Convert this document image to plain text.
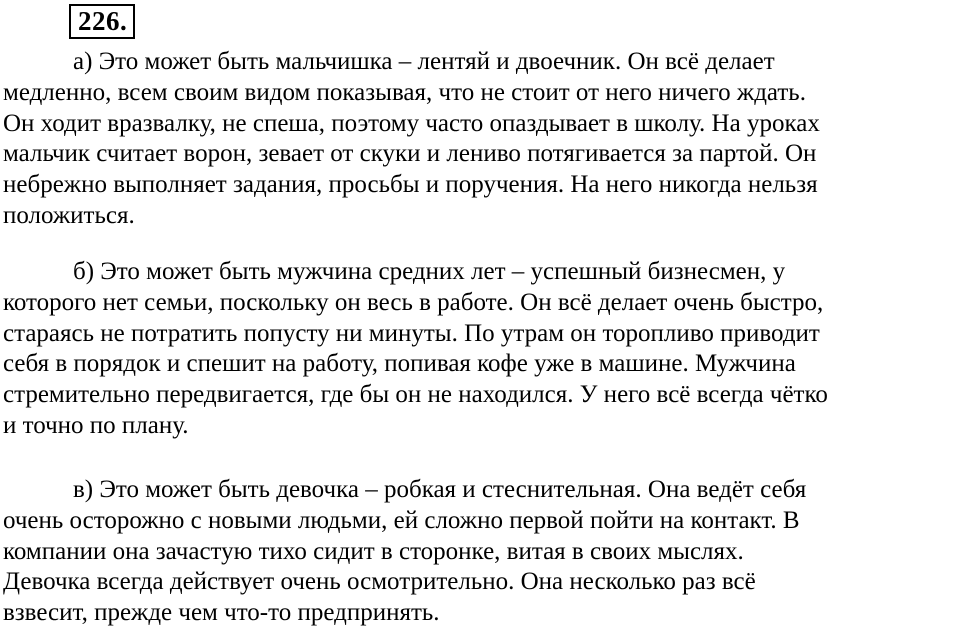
226.

а) Это может быть мальчишка – лентяй и двоечник. Он всё делает
медленно, всем своим видом показывая, что не стоит от него ничего ждать.
Он ходит вразвалку, не спеша, поэтому часто опаздывает в школу. На уроках
мальчик считает ворон, зевает от скуки и лениво потягивается за партой. Он
небрежно выполняет задания, просьбы и поручения. На него никогда нельзя
положиться.

б) Это может быть мужчина средних лет – успешный бизнесмен, у
которого нет семьи, поскольку он весь в работе. Он всё делает очень быстро,
стараясь не потратить попусту ни минуты. По утрам он торопливо приводит
себя в порядок и спешит на работу, попивая кофе уже в машине. Мужчина
стремительно передвигается, где бы он не находился. У него всё всегда чётко
и точно по плану.

в) Это может быть девочка – робкая и стеснительная. Она ведёт себя
очень осторожно с новыми людьми, ей сложно первой пойти на контакт. В
компании она зачастую тихо сидит в сторонке, витая в своих мыслях.
Девочка всегда действует очень осмотрительно. Она несколько раз всё
взвесит, прежде чем что-то предпринять.
